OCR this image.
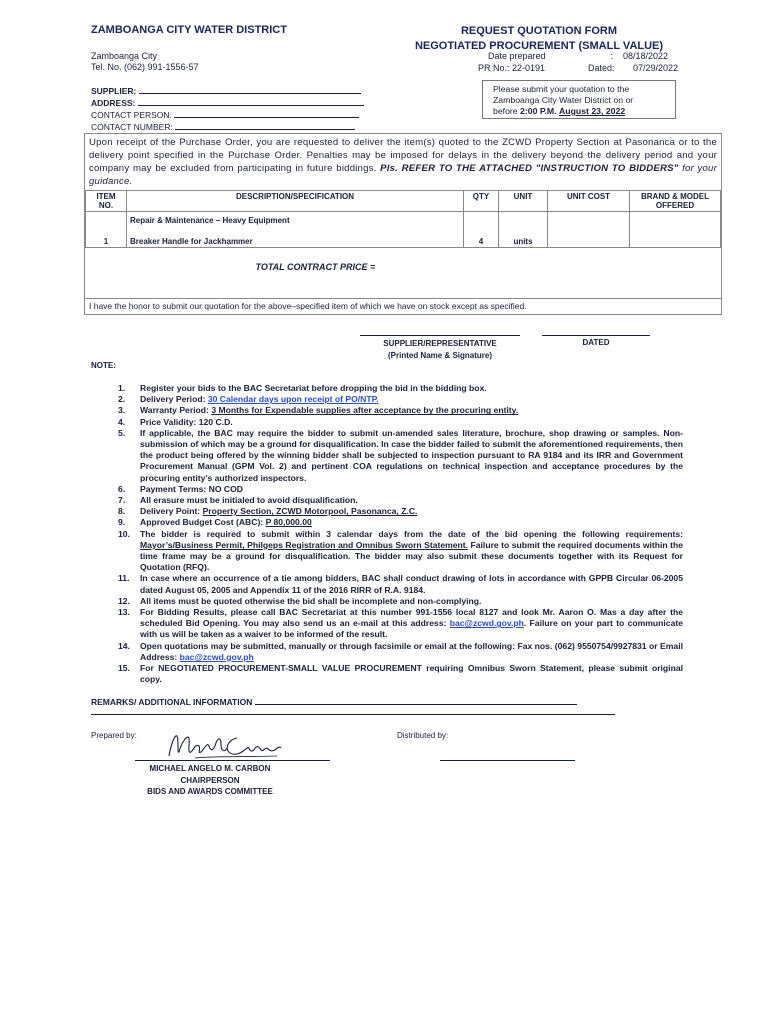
ZAMBOANGA CITY WATER DISTRICT	REQUEST QUOTATION FORM
NEGOTIATED PROCUREMENT (SMALL VALUE)
Zamboanga City
Tel. No. (062) 991-1556-57
Date prepared	:	08/18/2022
PR No.: 22-0191	Dated:	07/29/2022
SUPPLIER:
ADDRESS:
CONTACT PERSON:
CONTACT NUMBER:
Please submit your quotation to the
Zamboanga City Water District on or
before 2:00 P.M. August 23, 2022
Upon receipt of the Purchase Order, you are requested to deliver the item(s) quoted to the ZCWD Property Section at Pasonanca or to the delivery point specified in the Purchase Order. Penalties may be imposed for delays in the delivery beyond the delivery period and your company may be excluded from participating in future biddings. Pls. REFER TO THE ATTACHED "INSTRUCTION TO BIDDERS" for your guidance.
ITEM NO.	DESCRIPTION/SPECIFICATION	QTY	UNIT	UNIT COST	BRAND & MODEL OFFERED
	Repair & Maintenance – Heavy Equipment				
1	Breaker Handle for Jackhammer	4	units		
TOTAL CONTRACT PRICE =					
I have the honor to submit our quotation for the above–specified item of which we have on stock except as specified.
SUPPLIER/REPRESENTATIVE
(Printed Name & Signature)
DATED
NOTE:
1.	Register your bids to the BAC Secretariat before dropping the bid in the bidding box.
2.	Delivery Period: 30 Calendar days upon receipt of PO/NTP.
3.	Warranty Period: 3 Months for Expendable supplies after acceptance by the procuring entity.
4.	Price Validity: 120 C.D.
5.	If applicable, the BAC may require the bidder to submit un-amended sales literature, brochure, shop drawing or samples. Non-submission of which may be a ground for disqualification. In case the bidder failed to submit the aforementioned requirements, then the product being offered by the winning bidder shall be subjected to inspection pursuant to RA 9184 and its IRR and Government Procurement Manual (GPM Vol. 2) and pertinent COA regulations on technical inspection and acceptance procedures by the procuring entity’s authorized inspectors.
6.	Payment Terms: NO COD
7.	All erasure must be initialed to avoid disqualification.
8.	Delivery Point: Property Section, ZCWD Motorpool, Pasonanca, Z.C.
9.	Approved Budget Cost (ABC): P 80,000.00
10.	The bidder is required to submit within 3 calendar days from the date of the bid opening the following requirements: Mayor’s/Business Permit, Philgeps Registration and Omnibus Sworn Statement. Failure to submit the required documents within the time frame may be a ground for disqualification. The bidder may also submit these documents together with its Request for Quotation (RFQ).
11.	In case where an occurrence of a tie among bidders, BAC shall conduct drawing of lots in accordance with GPPB Circular 06-2005 dated August 05, 2005 and Appendix 11 of the 2016 RIRR of R.A. 9184.
12.	All items must be quoted otherwise the bid shall be incomplete and non-complying.
13.	For Bidding Results, please call BAC Secretariat at this number 991-1556 local 8127 and look Mr. Aaron O. Mas a day after the scheduled Bid Opening. You may also send us an e-mail at this address: bac@zcwd.gov.ph. Failure on your part to communicate with us will be taken as a waiver to be informed of the result.
14.	Open quotations may be submitted, manually or through facsimile or email at the following: Fax nos. (062) 9550754/9927831 or Email Address: bac@zcwd.gov.ph
15.	For NEGOTIATED PROCUREMENT-SMALL VALUE PROCUREMENT requiring Omnibus Sworn Statement, please submit original copy.
REMARKS/ ADDITIONAL INFORMATION
Prepared by:	Distributed by:
MICHAEL ANGELO M. CARBON
CHAIRPERSON
BIDS AND AWARDS COMMITTEE
